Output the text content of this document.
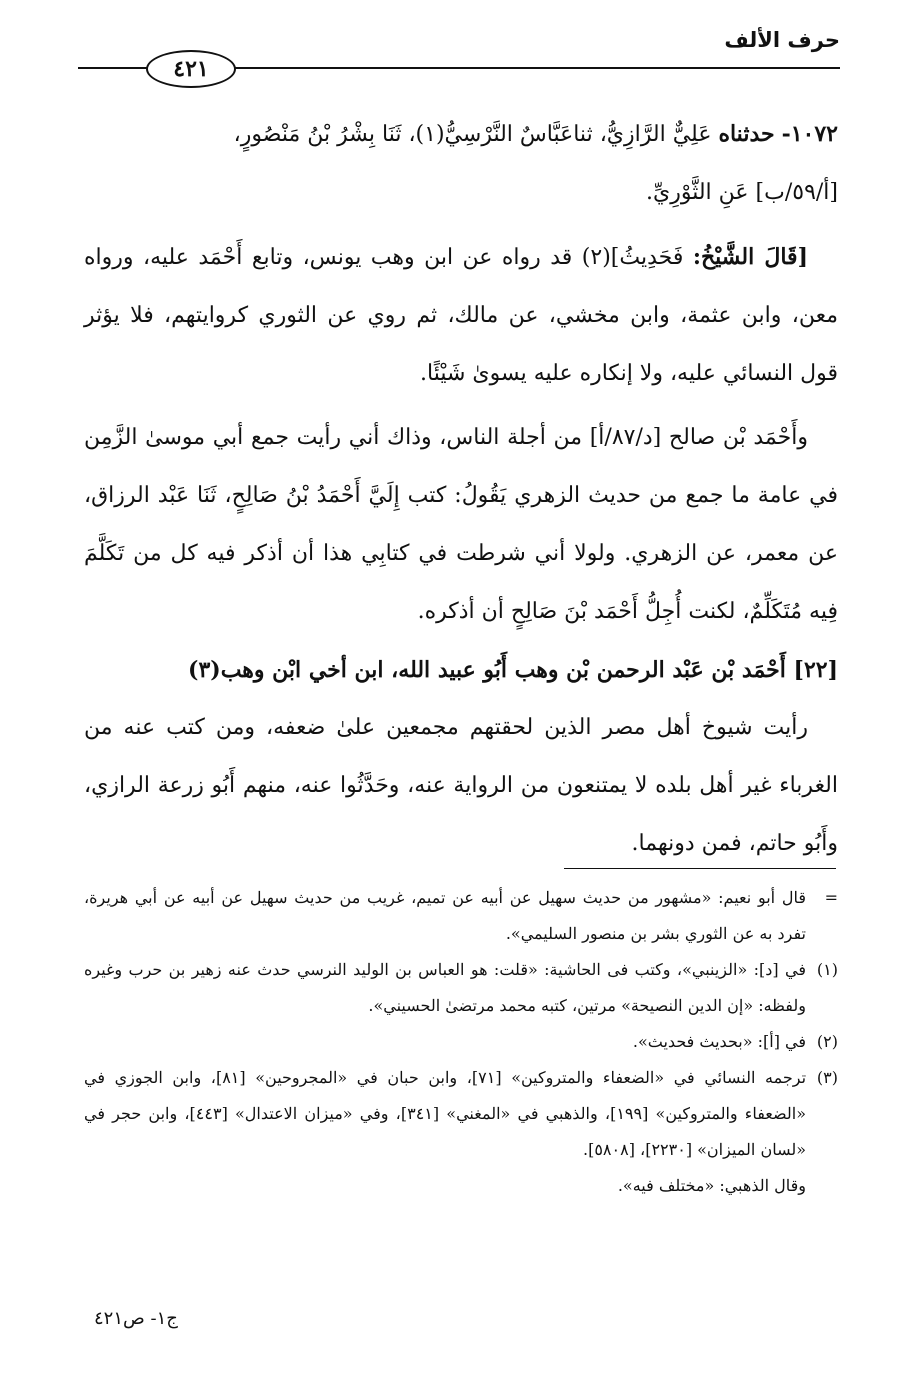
حرف الألف
٤٢١

١٠٧٢- حدثناه عَلِيٌّ الرَّازِيُّ، ثناعَبَّاسٌ النَّرْسِيُّ(١)، ثَنَا بِشْرُ بْنُ مَنْصُورٍ،

[أ/٥٩/ب] عَنِ الثَّوْرِيِّ.

[قَالَ الشَّيْخُ: فَحَدِيثُ](٢) قد رواه عن ابن وهب يونس، وتابع أَحْمَد عليه، ورواه معن، وابن عثمة، وابن مخشي، عن مالك، ثم روي عن الثوري كروايتهم، فلا يؤثر قول النسائي عليه، ولا إنكاره عليه يسوىٰ شَيْئًا.

وأَحْمَد بْن صالح [د/٨٧/أ] من أجلة الناس، وذاك أني رأيت جمع أبي موسىٰ الزَّمِن في عامة ما جمع من حديث الزهري يَقُولُ: كتب إِلَيَّ أَحْمَدُ بْنُ صَالِحٍ، ثَنَا عَبْد الرزاق، عن معمر، عن الزهري. ولولا أني شرطت في كتابِي هذا أن أذكر فيه كل من تَكَلَّمَ فِيه مُتَكَلِّمٌ، لكنت أُجِلُّ أَحْمَد بْنَ صَالِحٍ أن أذكره.

[٢٢] أَحْمَد بْن عَبْد الرحمن بْن وهب أَبُو عبيد الله، ابن أخي ابْن وهب(٣)

رأيت شيوخ أهل مصر الذين لحقتهم مجمعين علىٰ ضعفه، ومن كتب عنه من الغرباء غير أهل بلده لا يمتنعون من الرواية عنه، وحَدَّثُوا عنه، منهم أَبُو زرعة الرازي، وأَبُو حاتم، فمن دونهما.

=

قال أبو نعيم: «مشهور من حديث سهيل عن أبيه عن تميم، غريب من حديث سهيل عن أبيه عن أبي هريرة، تفرد به عن الثوري بشر بن منصور السليمي».

(١)

في [د]: «الزينبي»، وكتب فى الحاشية: «قلت: هو العباس بن الوليد النرسي حدث عنه زهير بن حرب وغيره ولفظه: «إن الدين النصيحة» مرتين، كتبه محمد مرتضىٰ الحسيني».

(٢)

في [أ]: «بحديث فحديث».

(٣)

ترجمه النسائي في «الضعفاء والمتروكين» [٧١]، وابن حبان في «المجروحين» [٨١]، وابن الجوزي في «الضعفاء والمتروكين» [١٩٩]، والذهبي في «المغني» [٣٤١]، وفي «ميزان الاعتدال» [٤٤٣]، وابن حجر في «لسان الميزان» [٢٢٣٠]، [٥٨٠٨].

وقال الذهبي: «مختلف فيه».

ج١- ص٤٢١
